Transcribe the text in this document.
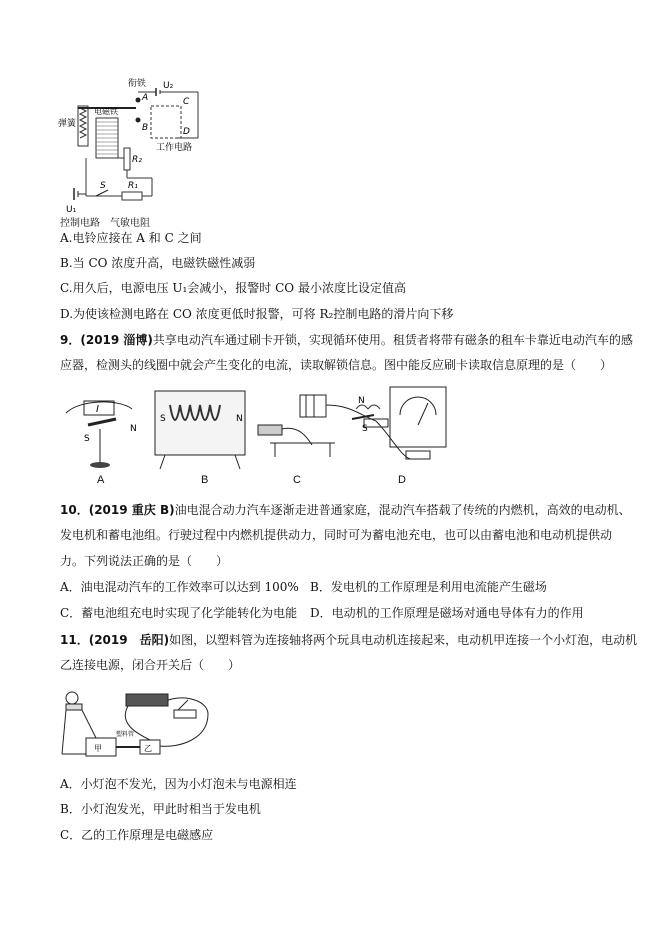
弹簧
电磁铁
衔铁 U₂
A
B
C
D
工作电路
R₂
S R₁
U₁
控制电路 气敏电阻
A.电铃应接在 A 和 C 之间
B.当 CO 浓度升高，电磁铁磁性减弱
C.用久后，电源电压 U₁会减小，报警时 CO 最小浓度比设定值高
D.为使该检测电路在 CO 浓度更低时报警，可将 R₂控制电路的滑片向下移
9．(2019 淄博)共享电动汽车通过刷卡开锁，实现循环使用。租赁者将带有磁条的租车卡靠近电动汽车的感
应器，检测头的线圈中就会产生变化的电流，读取解锁信息。图中能反应刷卡读取信息原理的是（　　）
I
S
N
S	N
N
S
A	B	C	D
10．(2019 重庆 B)油电混合动力汽车逐渐走进普通家庭，混动汽车搭载了传统的内燃机，高效的电动机、
发电机和蓄电池组。行驶过程中内燃机提供动力，同时可为蓄电池充电，也可以由蓄电池和电动机提供动
力。下列说法正确的是（　　）
A．油电混动汽车的工作效率可以达到 100% B．发电机的工作原理是利用电流能产生磁场
C．蓄电池组充电时实现了化学能转化为电能 D．电动机的工作原理是磁场对通电导体有力的作用
11．(2019　岳阳)如图，以塑料管为连接轴将两个玩具电动机连接起来，电动机甲连接一个小灯泡，电动机
乙连接电源，闭合开关后（　　）
甲	乙
塑料管
A．小灯泡不发光，因为小灯泡未与电源相连
B．小灯泡发光，甲此时相当于发电机
C．乙的工作原理是电磁感应
